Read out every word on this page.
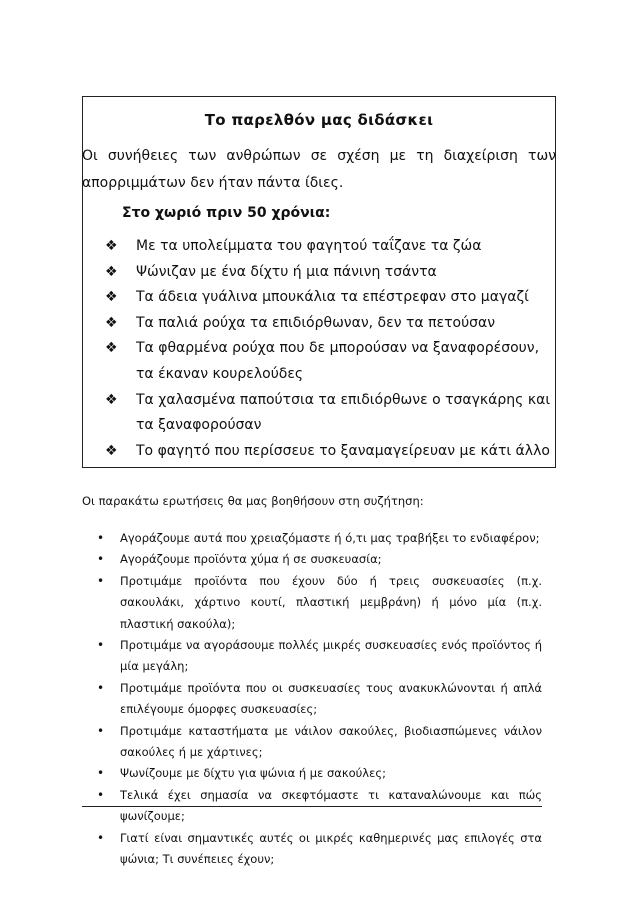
Το παρελθόν μας διδάσκει
Οι συνήθειες των ανθρώπων σε σχέση με τη διαχείριση των απορριμμάτων δεν ήταν πάντα ίδιες.
Στο χωριό πριν 50 χρόνια:
❖ Με τα υπολείμματα του φαγητού ταΐζανε τα ζώα
❖ Ψώνιζαν με ένα δίχτυ ή μια πάνινη τσάντα
❖ Τα άδεια γυάλινα μπουκάλια τα επέστρεφαν στο μαγαζί
❖ Τα παλιά ρούχα τα επιδιόρθωναν, δεν τα πετούσαν
❖ Τα φθαρμένα ρούχα που δε μπορούσαν να ξαναφορέσουν, τα έκαναν κουρελούδες
❖ Τα χαλασμένα παπούτσια τα επιδιόρθωνε ο τσαγκάρης και τα ξαναφορούσαν
❖ Το φαγητό που περίσσευε το ξαναμαγείρευαν με κάτι άλλο
Οι παρακάτω ερωτήσεις θα μας βοηθήσουν στη συζήτηση:
• Αγοράζουμε αυτά που χρειαζόμαστε ή ό,τι μας τραβήξει το ενδιαφέρον;
• Αγοράζουμε προϊόντα χύμα ή σε συσκευασία;
• Προτιμάμε προϊόντα που έχουν δύο ή τρεις συσκευασίες (π.χ. σακουλάκι, χάρτινο κουτί, πλαστική μεμβράνη) ή μόνο μία (π.χ. πλαστική σακούλα);
• Προτιμάμε να αγοράσουμε πολλές μικρές συσκευασίες ενός προϊόντος ή μία μεγάλη;
• Προτιμάμε προϊόντα που οι συσκευασίες τους ανακυκλώνονται ή απλά επιλέγουμε όμορφες συσκευασίες;
• Προτιμάμε καταστήματα με νάιλον σακούλες, βιοδιασπώμενες νάιλον σακούλες ή με χάρτινες;
• Ψωνίζουμε με δίχτυ για ψώνια ή με σακούλες;
• Τελικά έχει σημασία να σκεφτόμαστε τι καταναλώνουμε και πώς ψωνίζουμε;
• Γιατί είναι σημαντικές αυτές οι μικρές καθημερινές μας επιλογές στα ψώνια; Τι συνέπειες έχουν;
